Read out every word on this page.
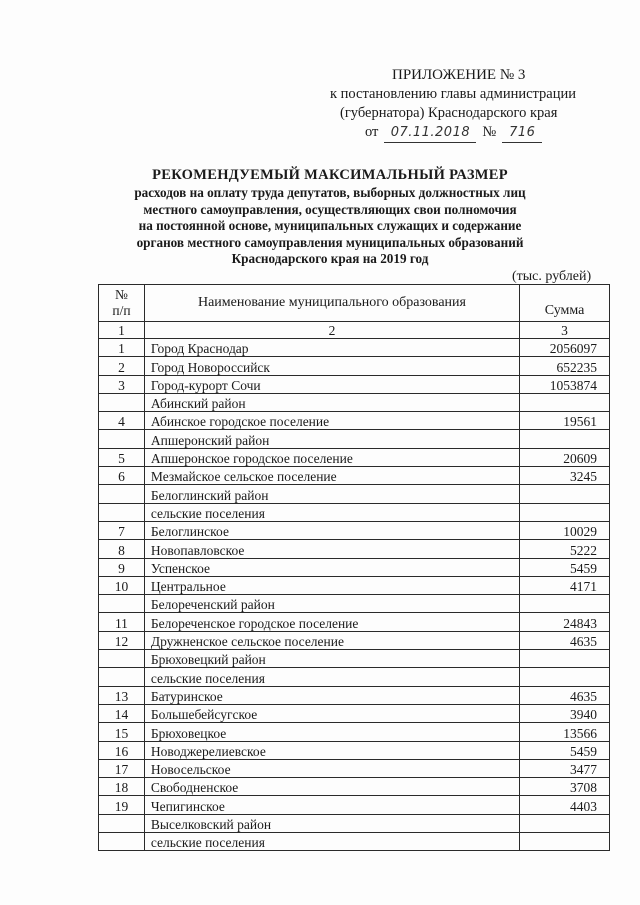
ПРИЛОЖЕНИЕ № 3
к постановлению главы администрации
(губернатора) Краснодарского края
от 07.11.2018 № 716
РЕКОМЕНДУЕМЫЙ МАКСИМАЛЬНЫЙ РАЗМЕР
расходов на оплату труда депутатов, выборных должностных лиц
местного самоуправления, осуществляющих свои полномочия
на постоянной основе, муниципальных служащих и содержание
органов местного самоуправления муниципальных образований
Краснодарского края на 2019 год
(тыс. рублей)
№
п/п	Наименование муниципального образования	Сумма
1	2	3
1	Город Краснодар	2056097
2	Город Новороссийск	652235
3	Город-курорт Сочи	1053874
	Абинский район	
4	Абинское городское поселение	19561
	Апшеронский район	
5	Апшеронское городское поселение	20609
6	Мезмайское сельское поселение	3245
	Белоглинский район	
	сельские поселения	
7	Белоглинское	10029
8	Новопавловское	5222
9	Успенское	5459
10	Центральное	4171
	Белореченский район	
11	Белореченское городское поселение	24843
12	Дружненское сельское поселение	4635
	Брюховецкий район	
	сельские поселения	
13	Батуринское	4635
14	Большебейсугское	3940
15	Брюховецкое	13566
16	Новоджерелиевское	5459
17	Новосельское	3477
18	Свободненское	3708
19	Чепигинское	4403
	Выселковский район	
	сельские поселения	
